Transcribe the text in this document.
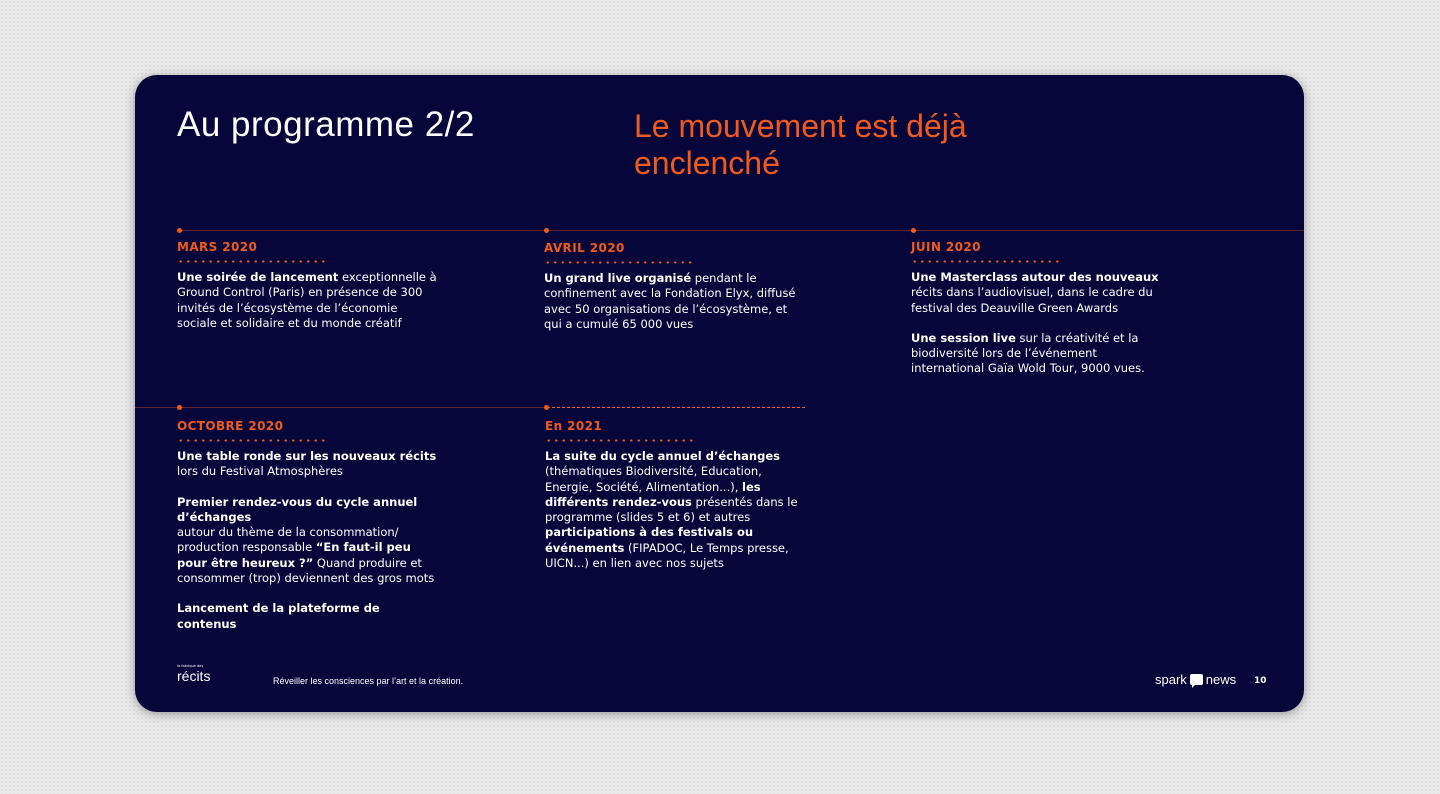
Au programme 2/2	Le mouvement est déjà enclenché
MARS 2020

Une soirée de lancement exceptionnelle à Ground Control (Paris) en présence de 300 invités de l’écosystème de l’économie sociale et solidaire et du monde créatif

AVRIL 2020

Un grand live organisé pendant le confinement avec la Fondation Elyx, diffusé avec 50 organisations de l’écosystème, et qui a cumulé 65 000 vues

JUIN 2020

Une Masterclass autour des nouveaux récits dans l’audiovisuel, dans le cadre du festival des Deauville Green Awards

Une session live sur la créativité et la biodiversité lors de l’événement international Gaïa Wold Tour, 9000 vues.

OCTOBRE 2020

Une table ronde sur les nouveaux récits
lors du Festival Atmosphères

Premier rendez-vous du cycle annuel d’échanges
autour du thème de la consommation/ production responsable “En faut-il peu pour être heureux ?” Quand produire et consommer (trop) deviennent des gros mots

Lancement de la plateforme de contenus

En 2021

La suite du cycle annuel d’échanges (thématiques Biodiversité, Education, Energie, Société, Alimentation...), les différents rendez-vous présentés dans le programme (slides 5 et 6) et autres participations à des festivals ou événements (FIPADOC, Le Temps presse, UICN...) en lien avec nos sujets

la fabrique des
récits	Réveiller les consciences par l’art et la création.	spark news 10
